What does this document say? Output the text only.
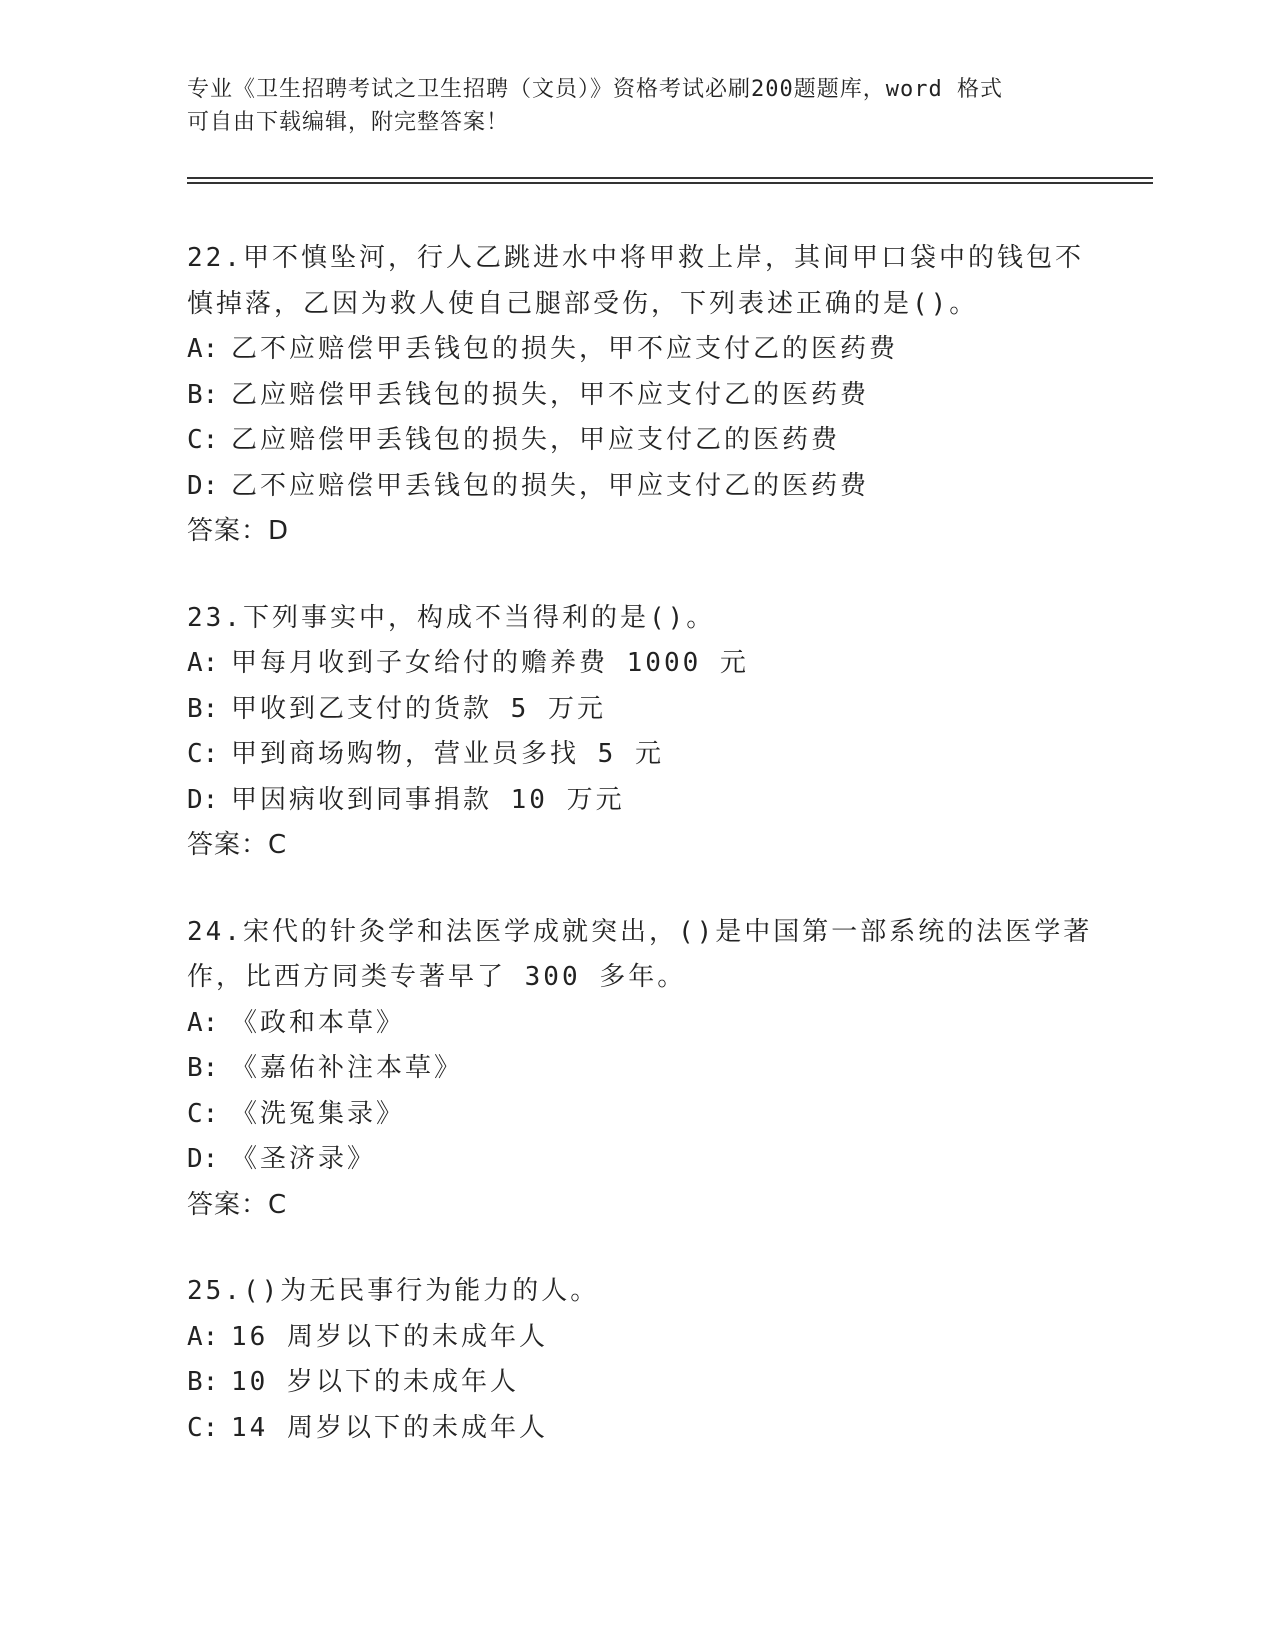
专业《卫生招聘考试之卫生招聘（文员）》资格考试必刷200题题库，word 格式
可自由下载编辑，附完整答案！
22.甲不慎坠河，行人乙跳进水中将甲救上岸，其间甲口袋中的钱包不
慎掉落，乙因为救人使自己腿部受伤，下列表述正确的是()。
A: 乙不应赔偿甲丢钱包的损失，甲不应支付乙的医药费
B: 乙应赔偿甲丢钱包的损失，甲不应支付乙的医药费
C: 乙应赔偿甲丢钱包的损失，甲应支付乙的医药费
D: 乙不应赔偿甲丢钱包的损失，甲应支付乙的医药费
答案：D
23.下列事实中，构成不当得利的是()。
A: 甲每月收到子女给付的赡养费 1000 元
B: 甲收到乙支付的货款 5 万元
C: 甲到商场购物，营业员多找 5 元
D: 甲因病收到同事捐款 10 万元
答案：C
24.宋代的针灸学和法医学成就突出，()是中国第一部系统的法医学著
作，比西方同类专著早了 300 多年。
A: 《政和本草》
B: 《嘉佑补注本草》
C: 《洗冤集录》
D: 《圣济录》
答案：C
25.()为无民事行为能力的人。
A: 16 周岁以下的未成年人
B: 10 岁以下的未成年人
C: 14 周岁以下的未成年人
